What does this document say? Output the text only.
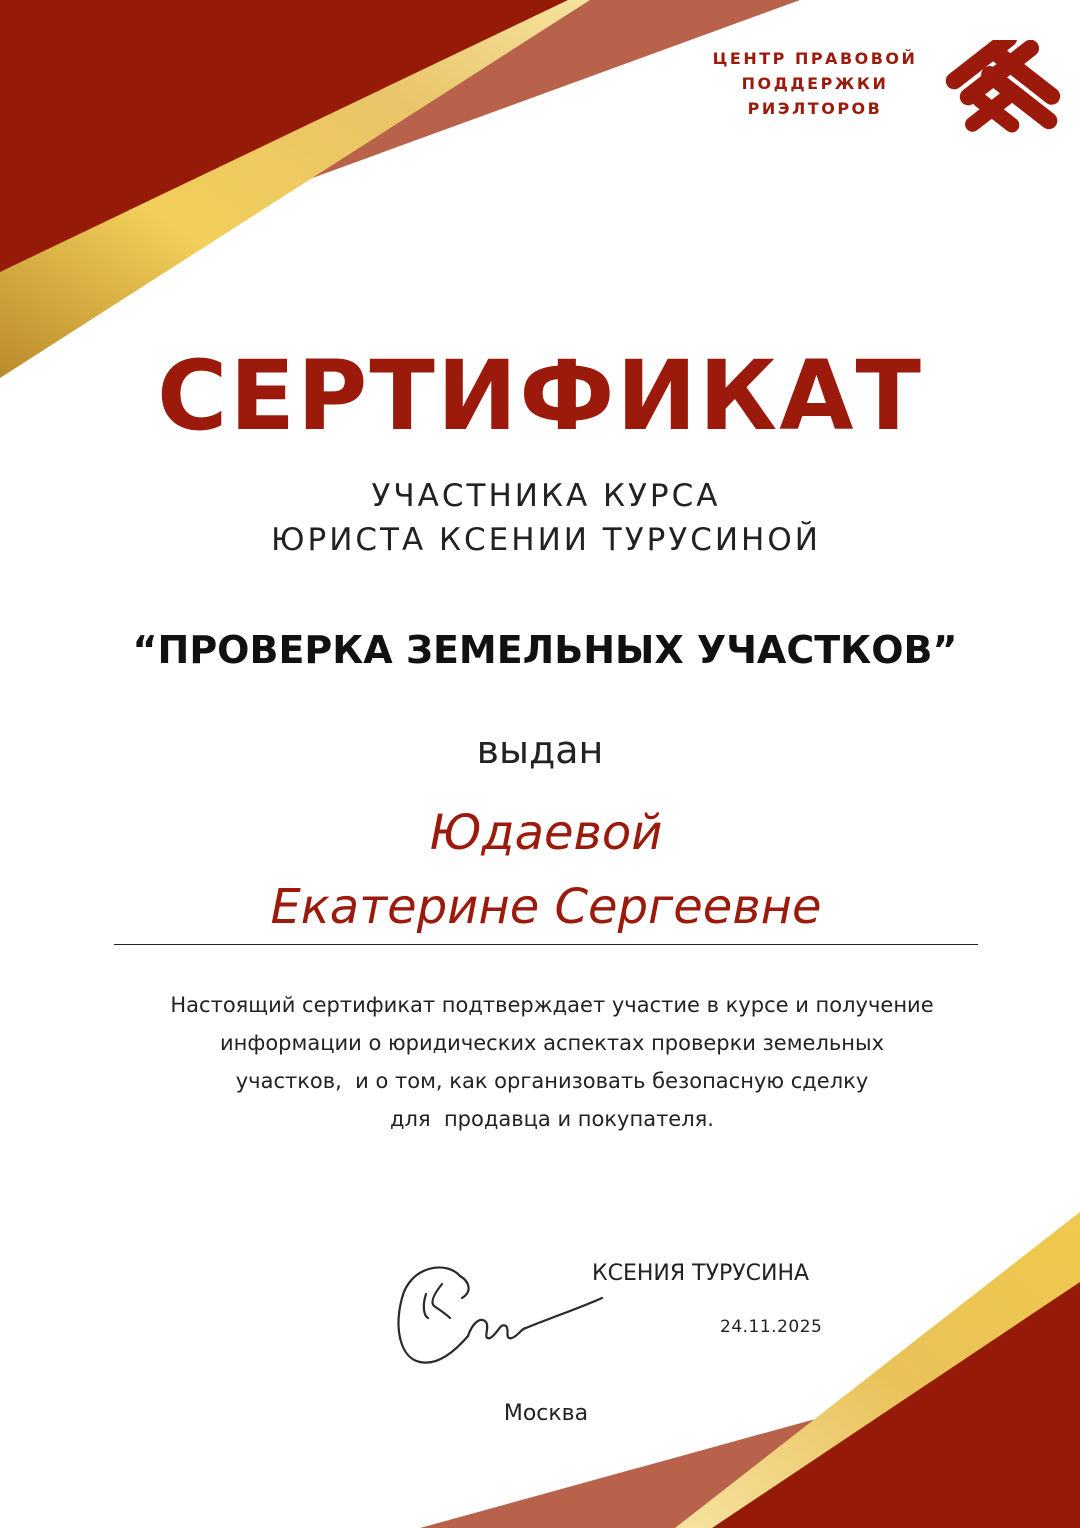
ЦЕНТР ПРАВОВОЙ
ПОДДЕРЖКИ
РИЭЛТОРОВ

СЕРТИФИКАТ

УЧАСТНИКА КУРСА
ЮРИСТА КСЕНИИ ТУРУСИНОЙ

“ПРОВЕРКА ЗЕМЕЛЬНЫХ УЧАСТКОВ”

выдан

Юдаевой
Екатерине Сергеевне

Настоящий сертификат подтверждает участие в курсе и получение
информации о юридических аспектах проверки земельных
участков,  и о том, как организовать безопасную сделку
для  продавца и покупателя.

КСЕНИЯ ТУРУСИНА

24.11.2025

Москва
